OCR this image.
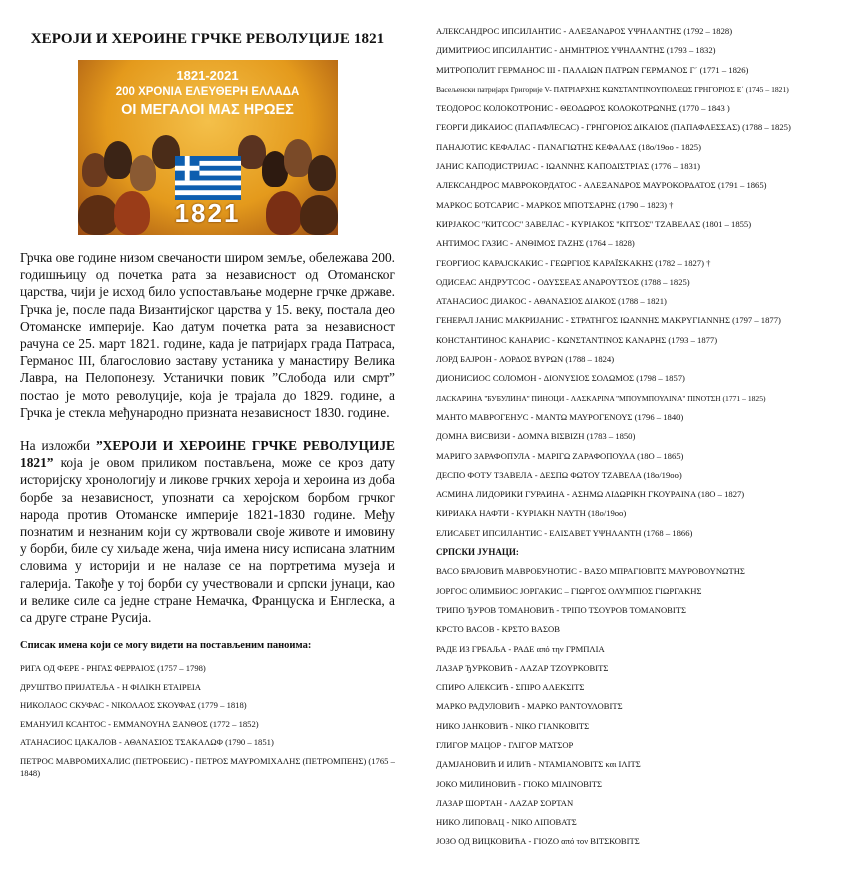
ХЕРОЈИ И ХЕРОИНЕ ГРЧКЕ РЕВОЛУЦИЈЕ 1821
1821-2021
200 ΧΡΟΝΙΑ ΕΛΕΥΘΕΡΗ ΕΛΛΑΔΑ
ΟΙ ΜΕΓΑΛΟΙ ΜΑΣ ΗΡΩΕΣ
1821

Грчка ове године низом свечаности широм земље, обележава 200. годишњицу од почетка рата за независност од Отоманског царства, чији је исход било успостављање модерне грчке државе. Грчка је, после пада Византијског царства у 15. веку, постала део Отоманске империје. Као датум почетка рата за независност рачуна се 25. март 1821. године, када је патријарх града Патраса, Германос III, благословио заставу устаника у манастиру Велика Лавра, на Пелопонезу. Устанички повик ”Слобода или смрт” постао је мото револуције, која је трајала до 1829. године, а Грчка је стекла међународно призната независност 1830. године.

На изложби ”ХЕРОЈИ И ХЕРОИНЕ ГРЧКЕ РЕВОЛУЦИЈЕ 1821” која је овом приликом постављена, може се кроз дату историјску хронологију и ликове грчких хероја и хероина из доба борбе за независност, упознати са херојском борбом грчког народа против Отоманске империје 1821-1830 године. Међу познатим и незнаним који су жртвовали своје животе и имовину у борби, биле су хиљаде жена, чија имена нису исписана златним словима у историји и не налазе се на портретима музеја и галерија. Такође у тој борби су учествовали и српски јунаци, као и велике силе са једне стране Немачка, Француска и Енглеска, а са друге стране Русија.

Списак имена који се могу видети на постављеним паноима:
РИГА ОД ФЕРЕ - ΡΗΓΑΣ ΦΕΡΡΑΙΟΣ (1757 – 1798)
ДРУШТВО ПРИЈАТЕЉА - Η ΦΙΛΙΚΗ ΕΤΑΙΡΕΙΑ
НИКОЛАОС СКУФАС - ΝΙΚΟΛΑΟΣ ΣΚΟΥΦΑΣ (1779 – 1818)
ЕМАНУИЛ КСАНТОС - ΕΜΜΑΝΟΥΗΛ ΞΑΝΘΟΣ (1772 – 1852)
АТАНАСИОС ЦАКАЛОВ - ΑΘΑΝΑΣΙΟΣ ΤΣΑΚΑΛΩΦ (1790 – 1851)
ПЕТРОС МАВРОМИХАЛИС (ПЕТРОБЕИС) - ΠΕΤΡΟΣ ΜΑΥΡΟΜΙΧΑΛΗΣ (ΠΕΤΡΟΜΠΕΗΣ) (1765 – 1848)
АЛЕКСАНДРОС ИПСИЛАНТИС - ΑΛΕΞΑΝΔΡΟΣ ΥΨΗΛΑΝΤΗΣ (1792 – 1828)
ДИМИТРИОС ИПСИЛАНТИС - ΔΗΜΗΤΡΙΟΣ ΥΨΗΛΑΝΤΗΣ (1793 – 1832)
МИТРОПОЛИТ ГЕРМАНОС III - ΠΑΛΑΙΩΝ ΠΑΤΡΩΝ ΓΕΡΜΑΝΟΣ Γ΄ (1771 – 1826)
Васељенски патријарх Григорије V- ΠΑΤΡΙΑΡΧΗΣ ΚΩΝΣΤΑΝΤΙΝΟΥΠΟΛΕΩΣ ΓΡΗΓΟΡΙΟΣ Ε΄ (1745 – 1821)
ТЕОДОРОС КОЛОКОТРОНИС - ΘΕΟΔΩΡΟΣ ΚΟΛΟΚΟΤΡΩΝΗΣ (1770 – 1843 )
ГЕОРГИ ДИКАИОС (ПАПАФЛЕСАС) - ΓΡΗΓΟΡΙΟΣ ΔΙΚΑΙΟΣ (ΠΑΠΑΦΛΕΣΣΑΣ) (1788 – 1825)
ПАНАЈОТИС КЕФАЛАС - ΠΑΝΑΓΙΩΤΗΣ ΚΕΦΑΛΑΣ (18о/19оо - 1825)
ЈАНИС КАПОДИСТРИЈАС - ΙΩΑΝΝΗΣ ΚΑΠΟΔΙΣΤΡΙΑΣ (1776 – 1831)
АЛЕКСАНДРОС МАВРОКОРДАТОС - ΑΛΕΞΑΝΔΡΟΣ ΜΑΥΡΟΚΟΡΔΑΤΟΣ (1791 – 1865)
МАРКОС БОТСАРИС - ΜΑΡΚΟΣ ΜΠΟΤΣΑΡΗΣ (1790 – 1823) †
КИРЈАКОС ''КИТСОС'' ЗАВЕЛАС - ΚΥΡΙΑΚΟΣ ''ΚΙΤΣΟΣ'' ΤΖΑΒΕΛΑΣ (1801 – 1855)
АНТИМОС ГАЗИС - ΑΝΘΙΜΟΣ ΓΑΖΗΣ (1764 – 1828)
ГЕОРГИОС КАРАЈСКАКИС - ΓΕΩΡΓΙΟΣ ΚΑΡΑΪΣΚΑΚΗΣ (1782 – 1827) †
ОДИСЕАС АНДРУТСОС - ΟΔΥΣΣΕΑΣ ΑΝΔΡΟΥΤΣΟΣ (1788 – 1825)
АТАНАСИОС ДИАКОС - ΑΘΑΝΑΣΙΟΣ ΔΙΑΚΟΣ (1788 – 1821)
ГЕНЕРАЛ ЈАНИС МАКРИЈАНИС - ΣΤΡΑΤΗΓΟΣ ΙΩΑΝΝΗΣ ΜΑΚΡΥΓΙΑΝΝΗΣ (1797 – 1877)
КОНСТАНТИНОС КАНАРИС - ΚΩΝΣΤΑΝΤΙΝΟΣ ΚΑΝΑΡΗΣ (1793 – 1877)
ЛОРД БАЈРОН - ΛΟΡΔΟΣ ΒΥΡΩΝ (1788 – 1824)
ДИОНИСИОС СОЛОМОН - ΔΙΟΝΥΣΙΟΣ ΣΟΛΩΜΟΣ (1798 – 1857)
ЛАСКАРИНА ''БУБУЛИНА'' ПИНОЦИ - ΛΑΣΚΑΡΙΝΑ ''ΜΠΟΥΜΠΟΥΛΙΝΑ'' ΠΙΝΟΤΣΗ (1771 – 1825)
МАНТО МАВРОГЕНУС - ΜΑΝΤΩ ΜΑΥΡΟΓΕΝΟΥΣ (1796 – 1840)
ДОМНА ВИСВИЗИ - ΔΟΜΝΑ ΒΙΣΒΙΖΗ (1783 – 1850)
МАРИГО ЗАРАФОПУЛА - ΜΑΡΙΓΩ ΖΑΡΑΦΟΠΟΥΛΑ (18О – 1865)
ДЕСПО ФОТУ ТЗАВЕЛА - ΔΕΣΠΩ ΦΩΤΟΥ ΤΖΑΒΕΛΑ (18о/19оо)
АСМИНА ЛИДОРИКИ ГУРАИНА - ΑΣΗΜΩ ΛΙΔΩΡΙΚΗ ΓΚΟΥΡΑΙΝΑ (18О – 1827)
КИРИАКА НАФТИ - ΚΥΡΙΑΚΗ ΝΑΥΤΗ (18о/19оо)
ЕЛИСАБЕТ ИПСИЛАНТИС - ΕΛΙΣΑΒΕΤ ΥΨΗΛΑΝΤΗ (1768 – 1866)
СРПСКИ ЈУНАЦИ:
ВАСО БРАЈОВИЋ МАВРОБУНОТИС - ΒΑΣΟ ΜΠΡΑΓΙΟΒΙΤΣ ΜΑΥΡΟΒΟΥΝΩΤΗΣ
ЈОРГОС ОЛИМБИОС ЈОРГАКИС – ΓΙΩΡΓΟΣ ΟΛΥΜΠΙΟΣ ΓΙΩΡΓΑΚΗΣ
ТРИПО ЂУРОВ ТОМАНОВИЋ - ΤΡΙΠΟ ΤΣΟΥΡΟΒ ΤΟΜΑΝΟΒΙΤΣ
КРСТО ВАСОВ - ΚΡΣΤΟ ΒΑΣΟΒ
РАДЕ ИЗ ГРБАЉА - ΡΑΔΕ από την ΓΡΜΠΛΙΑ
ЛАЗАР ЂУРКОВИЋ - ΛΑΖΑΡ ΤΖΟΥΡΚΟΒΙΤΣ
СПИРО АЛЕКСИЋ - ΣΠΙΡΟ ΑΛΕΚΣΙΤΣ
МАРКО РАДУЛОВИЋ - ΜΑΡΚΟ ΡΑΝΤΟΥΛΟΒΙΤΣ
НИКО ЈАНКОВИЋ - ΝΙΚΟ ΓΙΑΝΚΟΒΙΤΣ
ГЛИГОР МАЦОР - ΓΛΙΓΟΡ ΜΑΤΣΟΡ
ДАМЈАНОВИЋ И ИЛИЋ - ΝΤΑΜΙΑΝΟΒΙΤΣ και ΙΛΙΤΣ
ЈОКО МИЛИНОВИЋ - ΓΙΟΚΟ ΜΙΛΙΝΟΒΙΤΣ
ЛАЗАР ШОРТАН - ΛΑΖΑΡ ΣΟΡΤΑΝ
НИКО ЛИПОВАЦ - ΝΙΚΟ ΛΙΠΟΒΑΤΣ
ЈОЗО ОД ВИЦКОВИЋА - ΓΙΟΖΟ από τον ΒΙΤΣΚΟΒΙΤΣ
